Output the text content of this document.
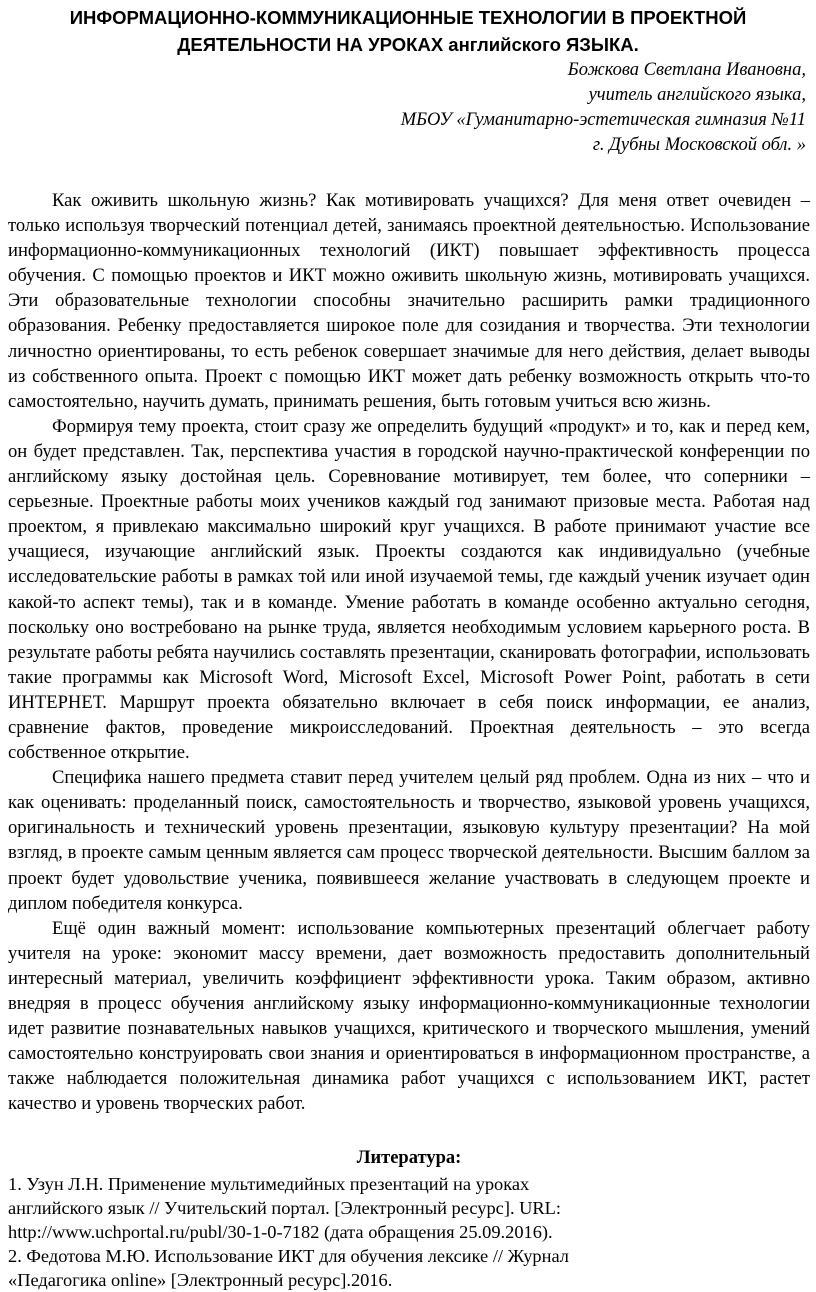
ИНФОРМАЦИОННО-КОММУНИКАЦИОННЫЕ ТЕХНОЛОГИИ В ПРОЕКТНОЙ
ДЕЯТЕЛЬНОСТИ НА УРОКАХ английского ЯЗЫКА.
Божкова Светлана Ивановна,
учитель английского языка,
МБОУ «Гуманитарно-эстетическая гимназия №11
г. Дубны Московской обл. »

Как оживить школьную жизнь? Как мотивировать учащихся? Для меня ответ очевиден – только используя творческий потенциал детей, занимаясь проектной деятельностью. Использование информационно-коммуникационных технологий (ИКТ) повышает эффективность процесса обучения. С помощью проектов и ИКТ можно оживить школьную жизнь, мотивировать учащихся. Эти образовательные технологии способны значительно расширить рамки традиционного образования. Ребенку предоставляется широкое поле для созидания и творчества. Эти технологии личностно ориентированы, то есть ребенок совершает значимые для него действия, делает выводы из собственного опыта. Проект с помощью ИКТ может дать ребенку возможность открыть что-то самостоятельно, научить думать, принимать решения, быть готовым учиться всю жизнь.

Формируя тему проекта, стоит сразу же определить будущий «продукт» и то, как и перед кем, он будет представлен. Так, перспектива участия в городской научно-практической конференции по английскому языку достойная цель. Соревнование мотивирует, тем более, что соперники – серьезные. Проектные работы моих учеников каждый год занимают призовые места. Работая над проектом, я привлекаю максимально широкий круг учащихся. В работе принимают участие все учащиеся, изучающие английский язык. Проекты создаются как индивидуально (учебные исследовательские работы в рамках той или иной изучаемой темы, где каждый ученик изучает один какой-то аспект темы), так и в команде. Умение работать в команде особенно актуально сегодня, поскольку оно востребовано на рынке труда, является необходимым условием карьерного роста. В результате работы ребята научились составлять презентации, сканировать фотографии, использовать такие программы как Microsoft Word, Microsoft Excel, Microsoft Power Point, работать в сети ИНТЕРНЕТ. Маршрут проекта обязательно включает в себя поиск информации, ее анализ, сравнение фактов, проведение микроисследований. Проектная деятельность – это всегда собственное открытие.

Специфика нашего предмета ставит перед учителем целый ряд проблем. Одна из них – что и как оценивать: проделанный поиск, самостоятельность и творчество, языковой уровень учащихся, оригинальность и технический уровень презентации, языковую культуру презентации? На мой взгляд, в проекте самым ценным является сам процесс творческой деятельности. Высшим баллом за проект будет удовольствие ученика, появившееся желание участвовать в следующем проекте и диплом победителя конкурса.

Ещё один важный момент: использование компьютерных презентаций облегчает работу учителя на уроке: экономит массу времени, дает возможность предоставить дополнительный интересный материал, увеличить коэффициент эффективности урока. Таким образом, активно внедряя в процесс обучения английскому языку информационно-коммуникационные технологии идет развитие познавательных навыков учащихся, критического и творческого мышления, умений самостоятельно конструировать свои знания и ориентироваться в информационном пространстве, а также наблюдается положительная динамика работ учащихся с использованием ИКТ, растет качество и уровень творческих работ.

Литература:
1. Узун Л.Н. Применение мультимедийных презентаций на уроках
английского язык // Учительский портал. [Электронный ресурс]. URL:
http://www.uchportal.ru/publ/30-1-0-7182 (дата обращения 25.09.2016).
2. Федотова М.Ю. Использование ИКТ для обучения лексике // Журнал
«Педагогика online» [Электронный ресурс].2016.
